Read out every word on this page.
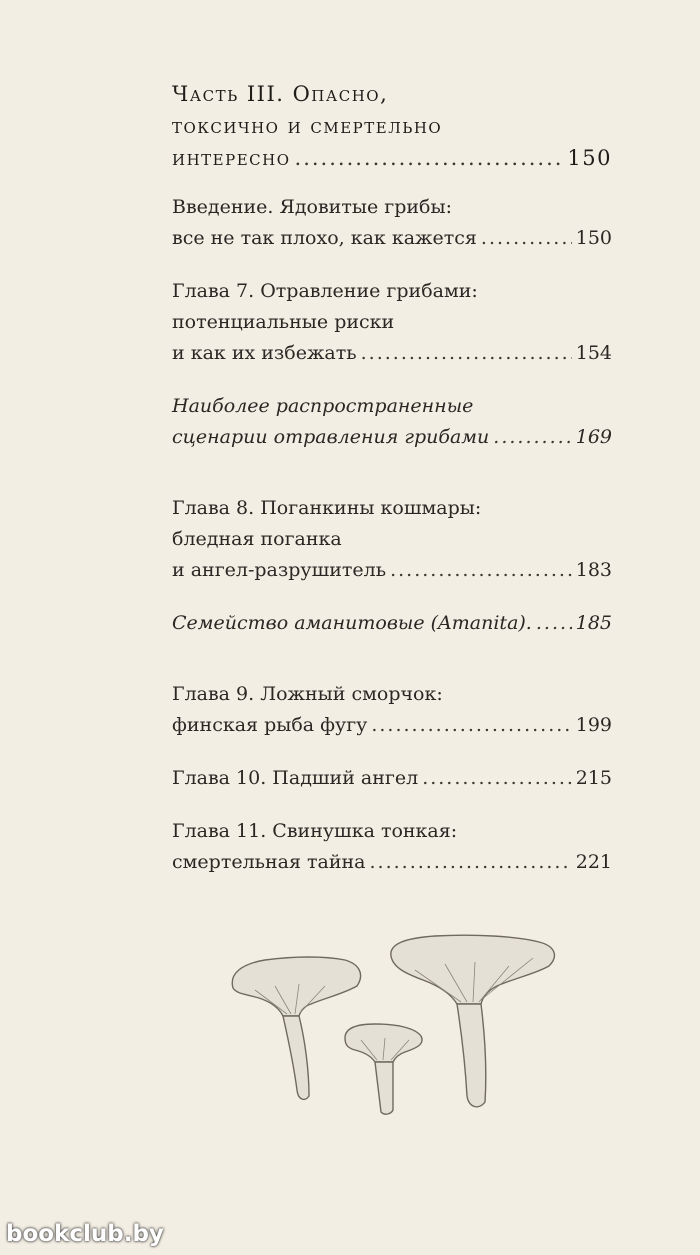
Часть III. Опасно,
токсично и смертельно
интересно .....	150
Введение. Ядовитые грибы:
все не так плохо, как кажется .....	150
Глава 7. Отравление грибами:
потенциальные риски
и как их избежать .....	154
Наиболее распространенные
сценарии отравления грибами .....	169
Глава 8. Поганкины кошмары:
бледная поганка
и ангел-разрушитель .....	183
Семейство аманитовые (Amanita). ..... 185
Глава 9. Ложный сморчок:
финская рыба фугу .....	199
Глава 10. Падший ангел .....	215
Глава 11. Свинушка тонкая:
смертельная тайна .....	221
bookclub.by
